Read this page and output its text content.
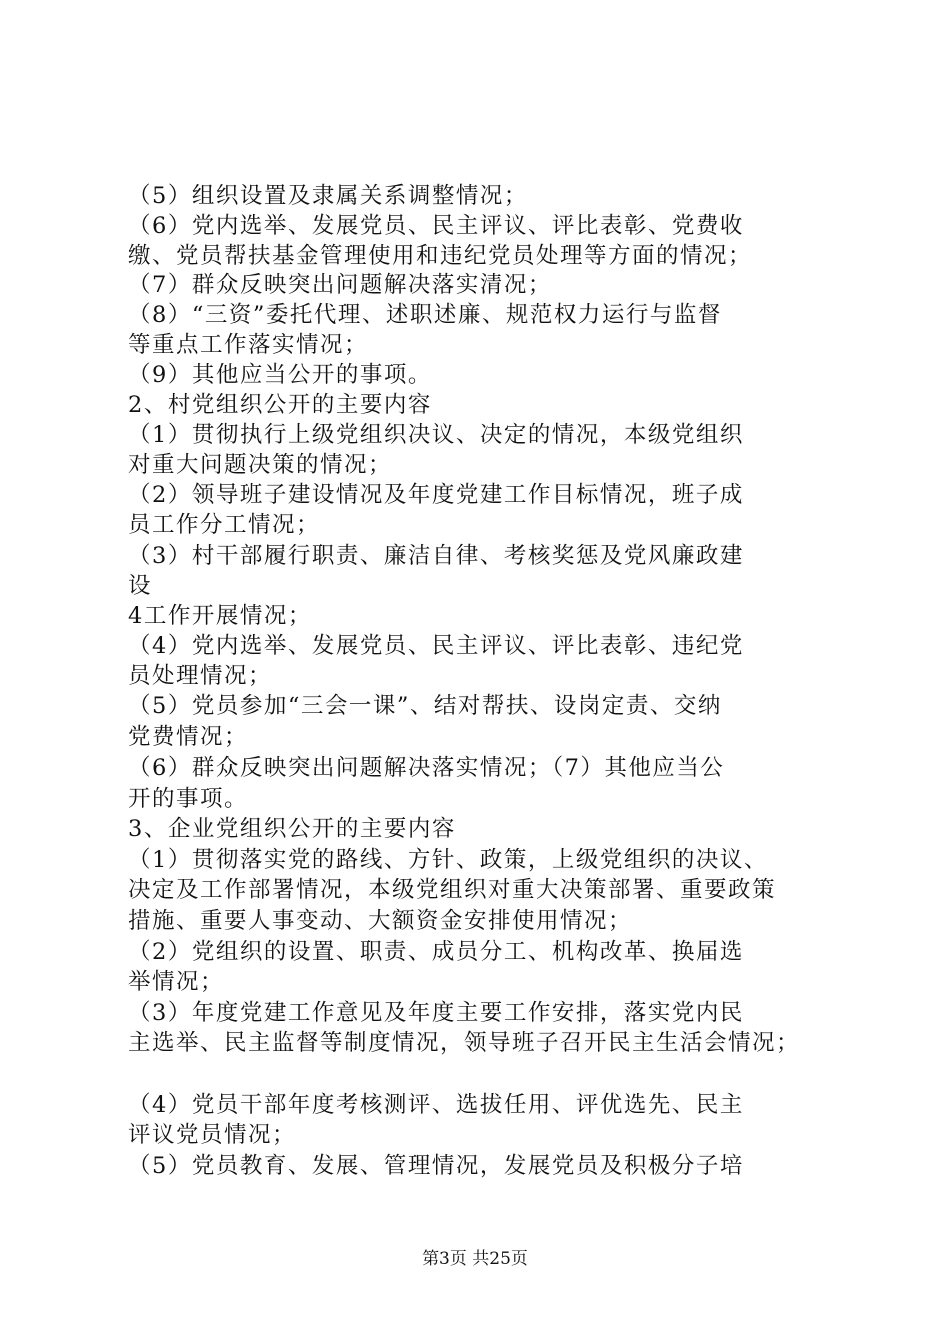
（5）组织设置及隶属关系调整情况；
（6）党内选举、发展党员、民主评议、评比表彰、党费收
缴、党员帮扶基金管理使用和违纪党员处理等方面的情况；
（7）群众反映突出问题解决落实清况；
（8）“三资”委托代理、述职述廉、规范权力运行与监督
等重点工作落实情况；
（9）其他应当公开的事项。
2、村党组织公开的主要内容
（1）贯彻执行上级党组织决议、决定的情况，本级党组织
对重大问题决策的情况；
（2）领导班子建设情况及年度党建工作目标情况，班子成
员工作分工情况；
（3）村干部履行职责、廉洁自律、考核奖惩及党风廉政建
设
4工作开展情况；
（4）党内选举、发展党员、民主评议、评比表彰、违纪党
员处理情况；
（5）党员参加“三会一课”、结对帮扶、设岗定责、交纳
党费情况；
（6）群众反映突出问题解决落实情况；（7）其他应当公
开的事项。
3、企业党组织公开的主要内容
（1）贯彻落实党的路线、方针、政策，上级党组织的决议、
决定及工作部署情况，本级党组织对重大决策部署、重要政策
措施、重要人事变动、大额资金安排使用情况；
（2）党组织的设置、职责、成员分工、机构改革、换届选
举情况；
（3）年度党建工作意见及年度主要工作安排，落实党内民
主选举、民主监督等制度情况，领导班子召开民主生活会情况；
（4）党员干部年度考核测评、选拔任用、评优选先、民主
评议党员情况；
（5）党员教育、发展、管理情况，发展党员及积极分子培
第3页 共25页
